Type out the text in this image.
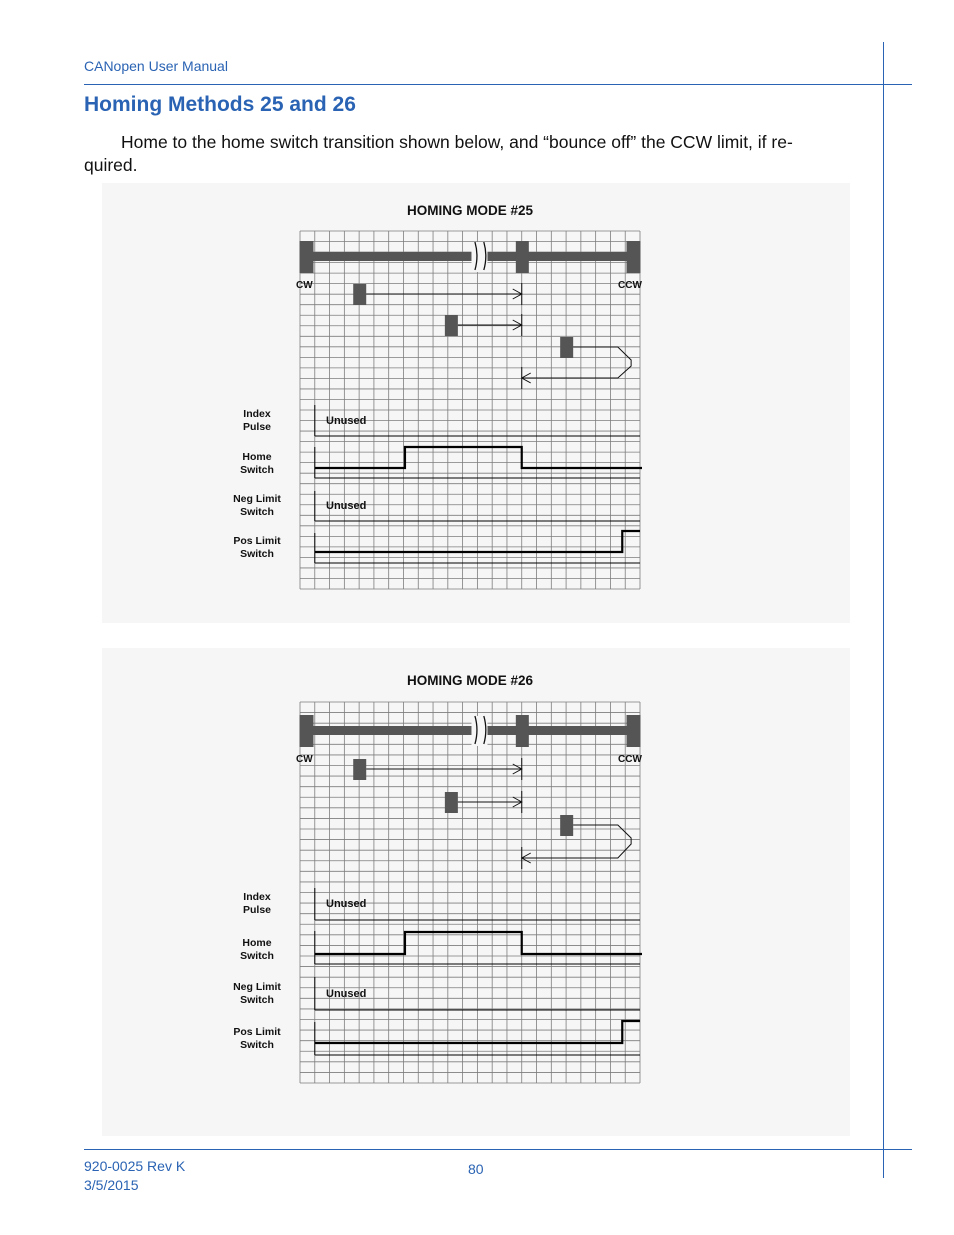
CANopen User Manual
Homing Methods 25 and 26

Home to the home switch transition shown below, and “bounce off” the CCW limit, if re-quired.

HOMING MODE #25
CW	CCW
Index
Pulse	Unused
Home
Switch
Neg Limit
Switch	Unused
Pos Limit
Switch
HOMING MODE #26
CW	CCW
Index
Pulse	Unused
Home
Switch
Neg Limit
Switch	Unused
Pos Limit
Switch
920-0025 Rev K
3/5/2015
80
